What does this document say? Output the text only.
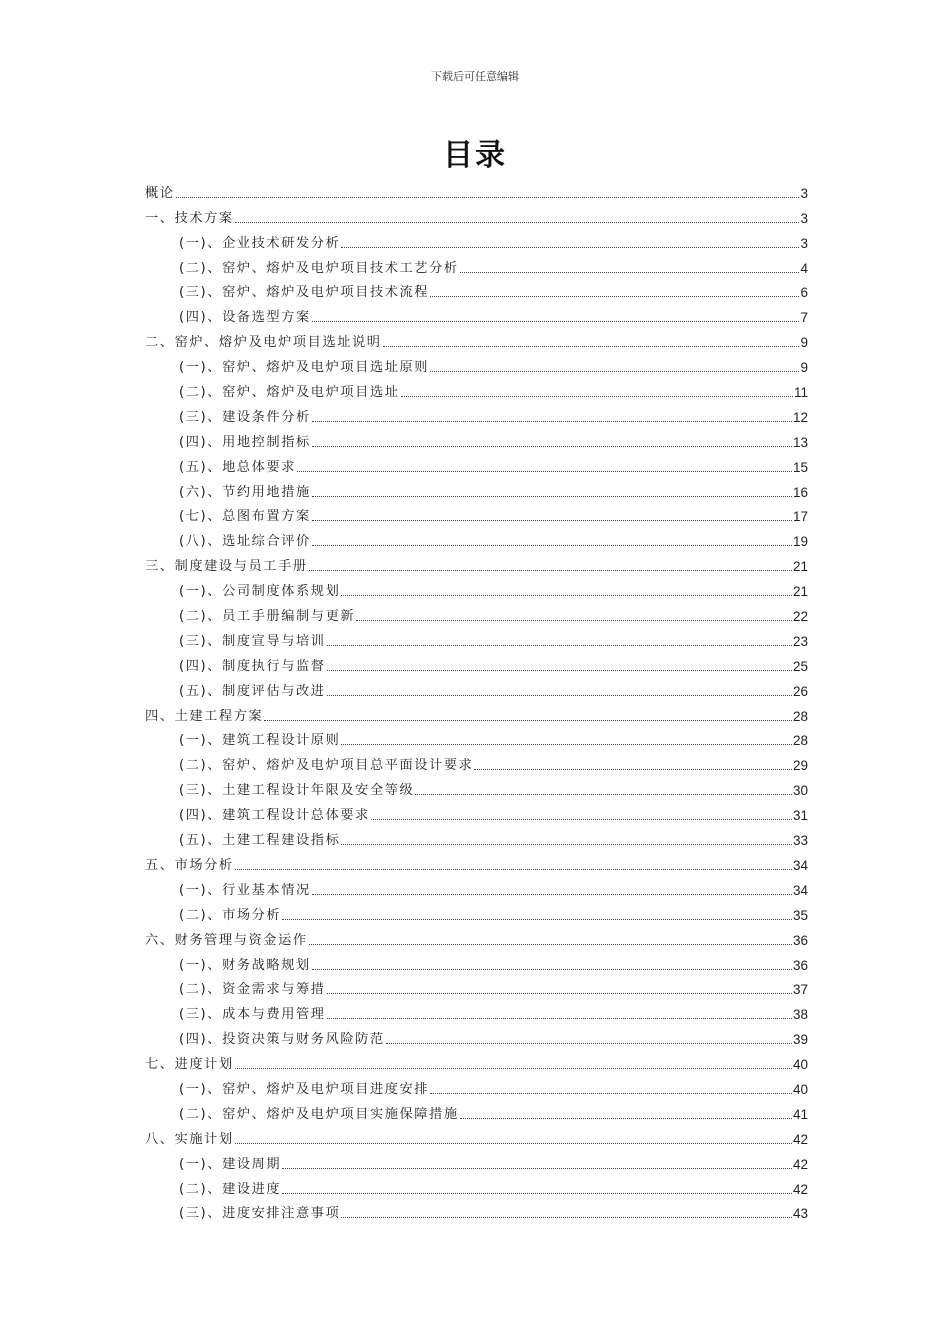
下载后可任意编辑
目录
概论	3
一、技术方案	3
(一)、企业技术研发分析	3
(二)、窑炉、熔炉及电炉项目技术工艺分析	4
(三)、窑炉、熔炉及电炉项目技术流程	6
(四)、设备选型方案	7
二、窑炉、熔炉及电炉项目选址说明	9
(一)、窑炉、熔炉及电炉项目选址原则	9
(二)、窑炉、熔炉及电炉项目选址	11
(三)、建设条件分析	12
(四)、用地控制指标	13
(五)、地总体要求	15
(六)、节约用地措施	16
(七)、总图布置方案	17
(八)、选址综合评价	19
三、制度建设与员工手册	21
(一)、公司制度体系规划	21
(二)、员工手册编制与更新	22
(三)、制度宣导与培训	23
(四)、制度执行与监督	25
(五)、制度评估与改进	26
四、土建工程方案	28
(一)、建筑工程设计原则	28
(二)、窑炉、熔炉及电炉项目总平面设计要求	29
(三)、土建工程设计年限及安全等级	30
(四)、建筑工程设计总体要求	31
(五)、土建工程建设指标	33
五、市场分析	34
(一)、行业基本情况	34
(二)、市场分析	35
六、财务管理与资金运作	36
(一)、财务战略规划	36
(二)、资金需求与筹措	37
(三)、成本与费用管理	38
(四)、投资决策与财务风险防范	39
七、进度计划	40
(一)、窑炉、熔炉及电炉项目进度安排	40
(二)、窑炉、熔炉及电炉项目实施保障措施	41
八、实施计划	42
(一)、建设周期	42
(二)、建设进度	42
(三)、进度安排注意事项	43
